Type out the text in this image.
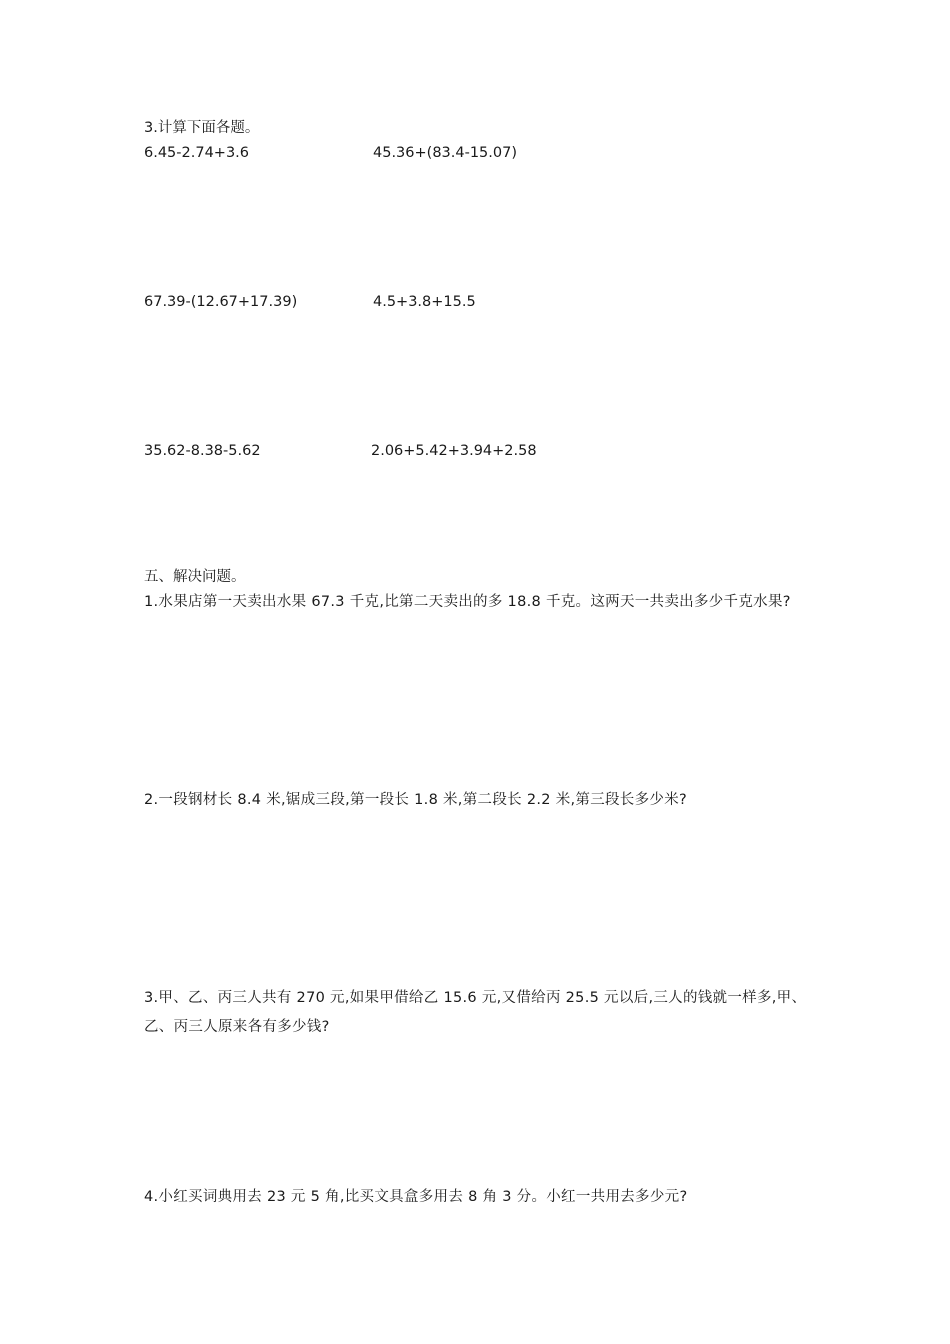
3.计算下面各题。
6.45-2.74+3.6	45.36+(83.4-15.07)
67.39-(12.67+17.39)	4.5+3.8+15.5
35.62-8.38-5.62	2.06+5.42+3.94+2.58
五、解决问题。
1.水果店第一天卖出水果 67.3 千克,比第二天卖出的多 18.8 千克。这两天一共卖出多少千克水果?
2.一段钢材长 8.4 米,锯成三段,第一段长 1.8 米,第二段长 2.2 米,第三段长多少米?
3.甲、乙、丙三人共有 270 元,如果甲借给乙 15.6 元,又借给丙 25.5 元以后,三人的钱就一样多,甲、乙、丙三人原来各有多少钱?
4.小红买词典用去 23 元 5 角,比买文具盒多用去 8 角 3 分。小红一共用去多少元?
